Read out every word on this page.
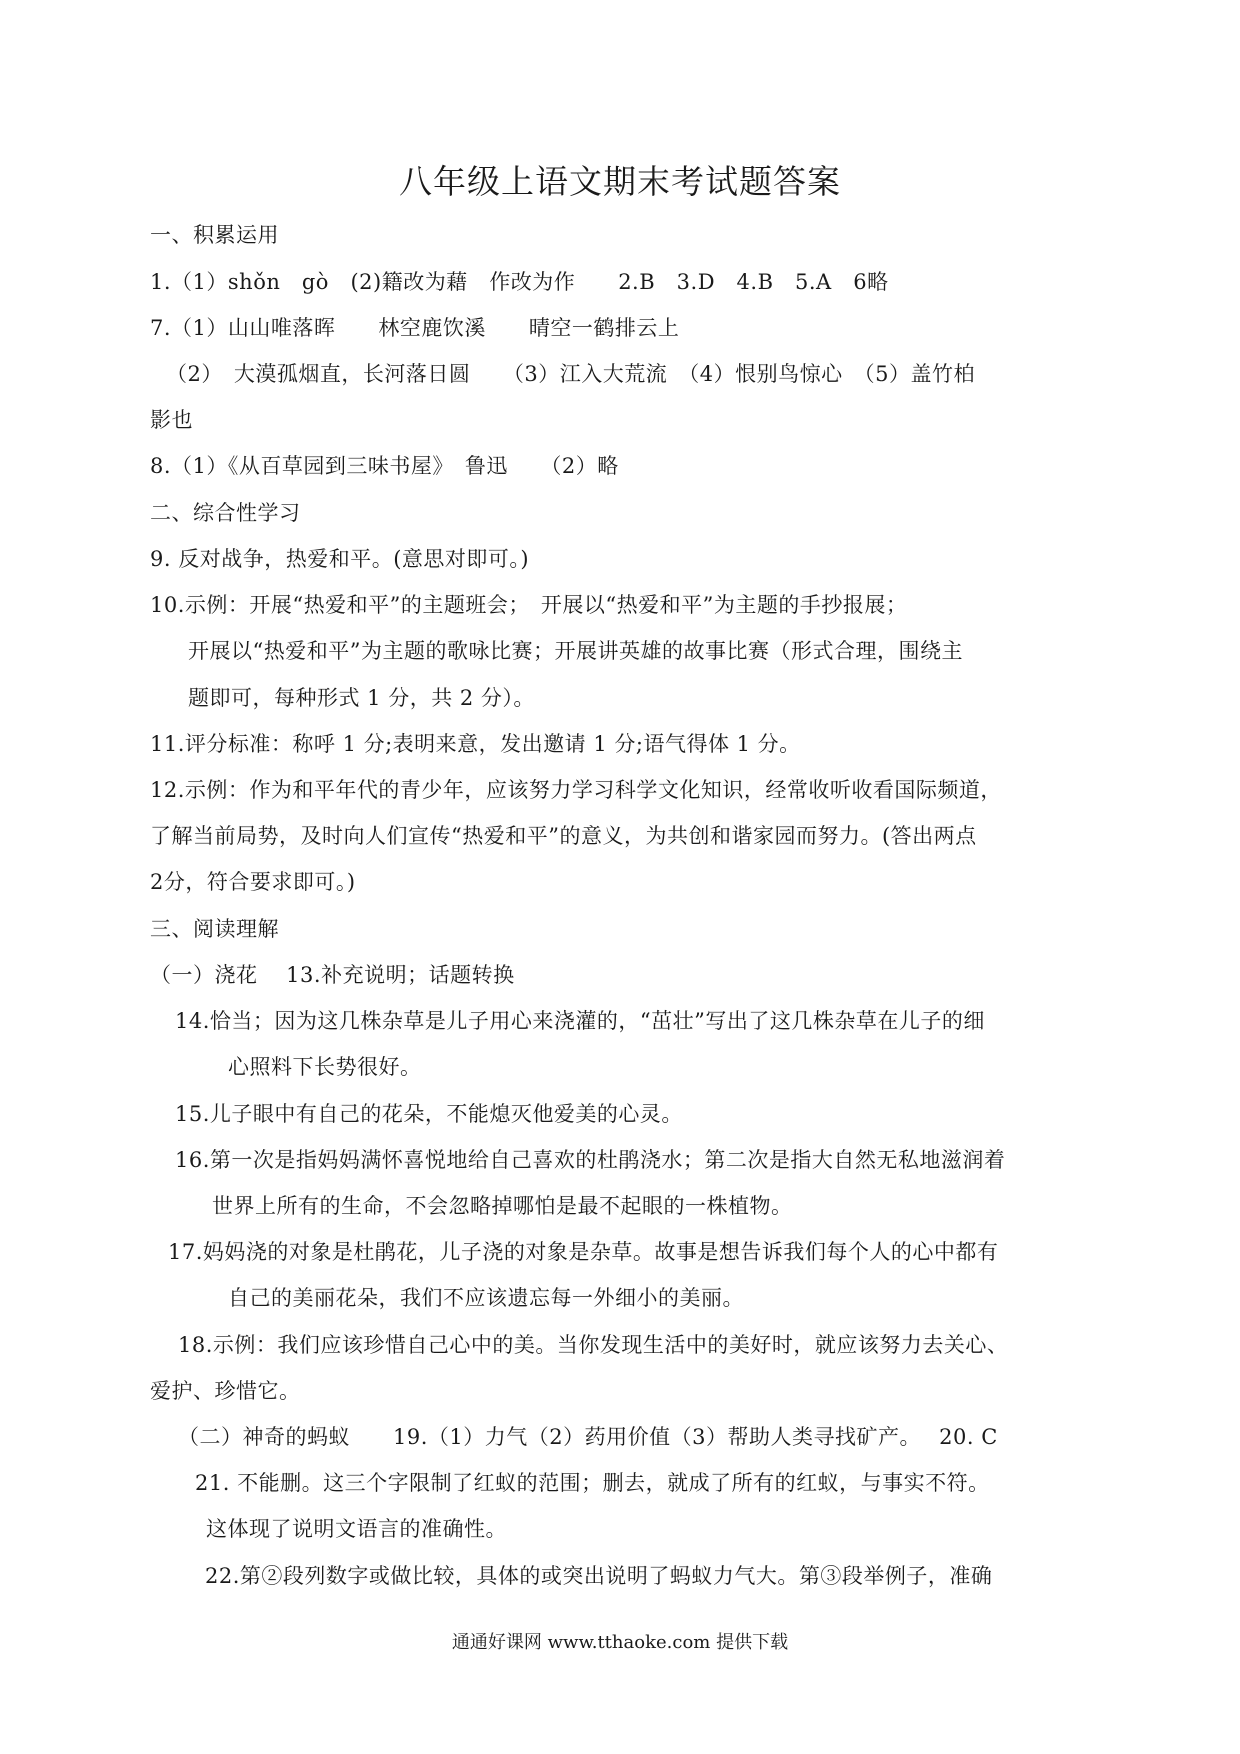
八年级上语文期末考试题答案

一、积累运用

1.（1）shǒn　gò　(2)籍改为藉　作改为作　　2.B　3.D　4.B　5.A　6略

7.（1）山山唯落晖　　林空鹿饮溪　　晴空一鹤排云上

（2）　大漠孤烟直，长河落日圆　　（3）江入大荒流　（4）恨别鸟惊心　（5）盖竹柏

影也

8.（1）《从百草园到三味书屋》　鲁迅　　（2）略

二、综合性学习

9. 反对战争，热爱和平。(意思对即可。)

10.示例：开展“热爱和平”的主题班会；　开展以“热爱和平”为主题的手抄报展；

开展以“热爱和平”为主题的歌咏比赛；开展讲英雄的故事比赛（形式合理，围绕主

题即可，每种形式 1 分，共 2 分）。

11.评分标准：称呼 1 分;表明来意，发出邀请 1 分;语气得体 1 分。

12.示例：作为和平年代的青少年，应该努力学习科学文化知识，经常收听收看国际频道，

了解当前局势，及时向人们宣传“热爱和平”的意义，为共创和谐家园而努力。(答出两点

2分，符合要求即可。)

三、阅读理解

（一）浇花　 13.补充说明；话题转换

14.恰当；因为这几株杂草是儿子用心来浇灌的，“茁壮”写出了这几株杂草在儿子的细

心照料下长势很好。

15.儿子眼中有自己的花朵，不能熄灭他爱美的心灵。

16.第一次是指妈妈满怀喜悦地给自己喜欢的杜鹃浇水；第二次是指大自然无私地滋润着

世界上所有的生命，不会忽略掉哪怕是最不起眼的一株植物。

17.妈妈浇的对象是杜鹃花，儿子浇的对象是杂草。故事是想告诉我们每个人的心中都有

自己的美丽花朵，我们不应该遗忘每一外细小的美丽。

18.示例：我们应该珍惜自己心中的美。当你发现生活中的美好时，就应该努力去关心、

爱护、珍惜它。

（二）神奇的蚂蚁　　19.（1）力气（2）药用价值（3）帮助人类寻找矿产。　 20. C

21. 不能删。这三个字限制了红蚁的范围；删去，就成了所有的红蚁，与事实不符。

这体现了说明文语言的准确性。

22.第②段列数字或做比较，具体的或突出说明了蚂蚁力气大。第③段举例子，准确

通通好课网 www.tthaoke.com 提供下载
